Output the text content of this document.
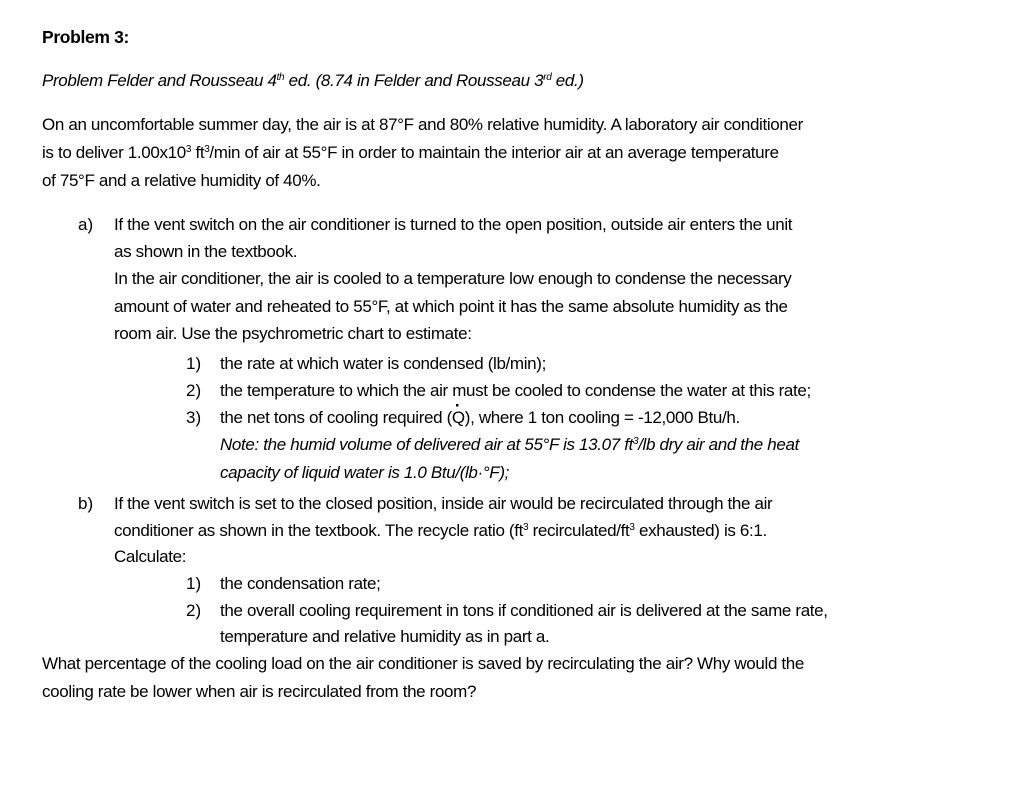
Problem 3:
Problem Felder and Rousseau 4th ed. (8.74 in Felder and Rousseau 3rd ed.)
On an uncomfortable summer day, the air is at 87°F and 80% relative humidity. A laboratory air conditioner
is to deliver $1.00x10^3$ $ft^3/\min$ of air at 55°F in order to maintain the interior air at an average temperature
of 75°F and a relative humidity of 40%.
a) If the vent switch on the air conditioner is turned to the open position, outside air enters the unit
as shown in the textbook.
In the air conditioner, the air is cooled to a temperature low enough to condense the necessary
amount of water and reheated to 55°F, at which point it has the same absolute humidity as the
room air. Use the psychrometric chart to estimate:
1) the rate at which water is condensed (lb/min);
2) the temperature to which the air must be cooled to condense the water at this rate;
3) the net tons of cooling required (· Q), where 1 ton cooling = -12,000 Btu/h.
Note: the humid volume of delivered air at 55°F is 13.07 $ft^3/lb$ dry air and the heat
capacity of liquid water is 1.0 Btu/(lb·°F);
b) If the vent switch is set to the closed position, inside air would be recirculated through the air
conditioner as shown in the textbook. The recycle ratio ($ft^3$ recirculated/$ft^3$ exhausted) is 6:1.
Calculate:
1) the condensation rate;
2) the overall cooling requirement in tons if conditioned air is delivered at the same rate,
temperature and relative humidity as in part a.
What percentage of the cooling load on the air conditioner is saved by recirculating the air? Why would the
cooling rate be lower when air is recirculated from the room?
